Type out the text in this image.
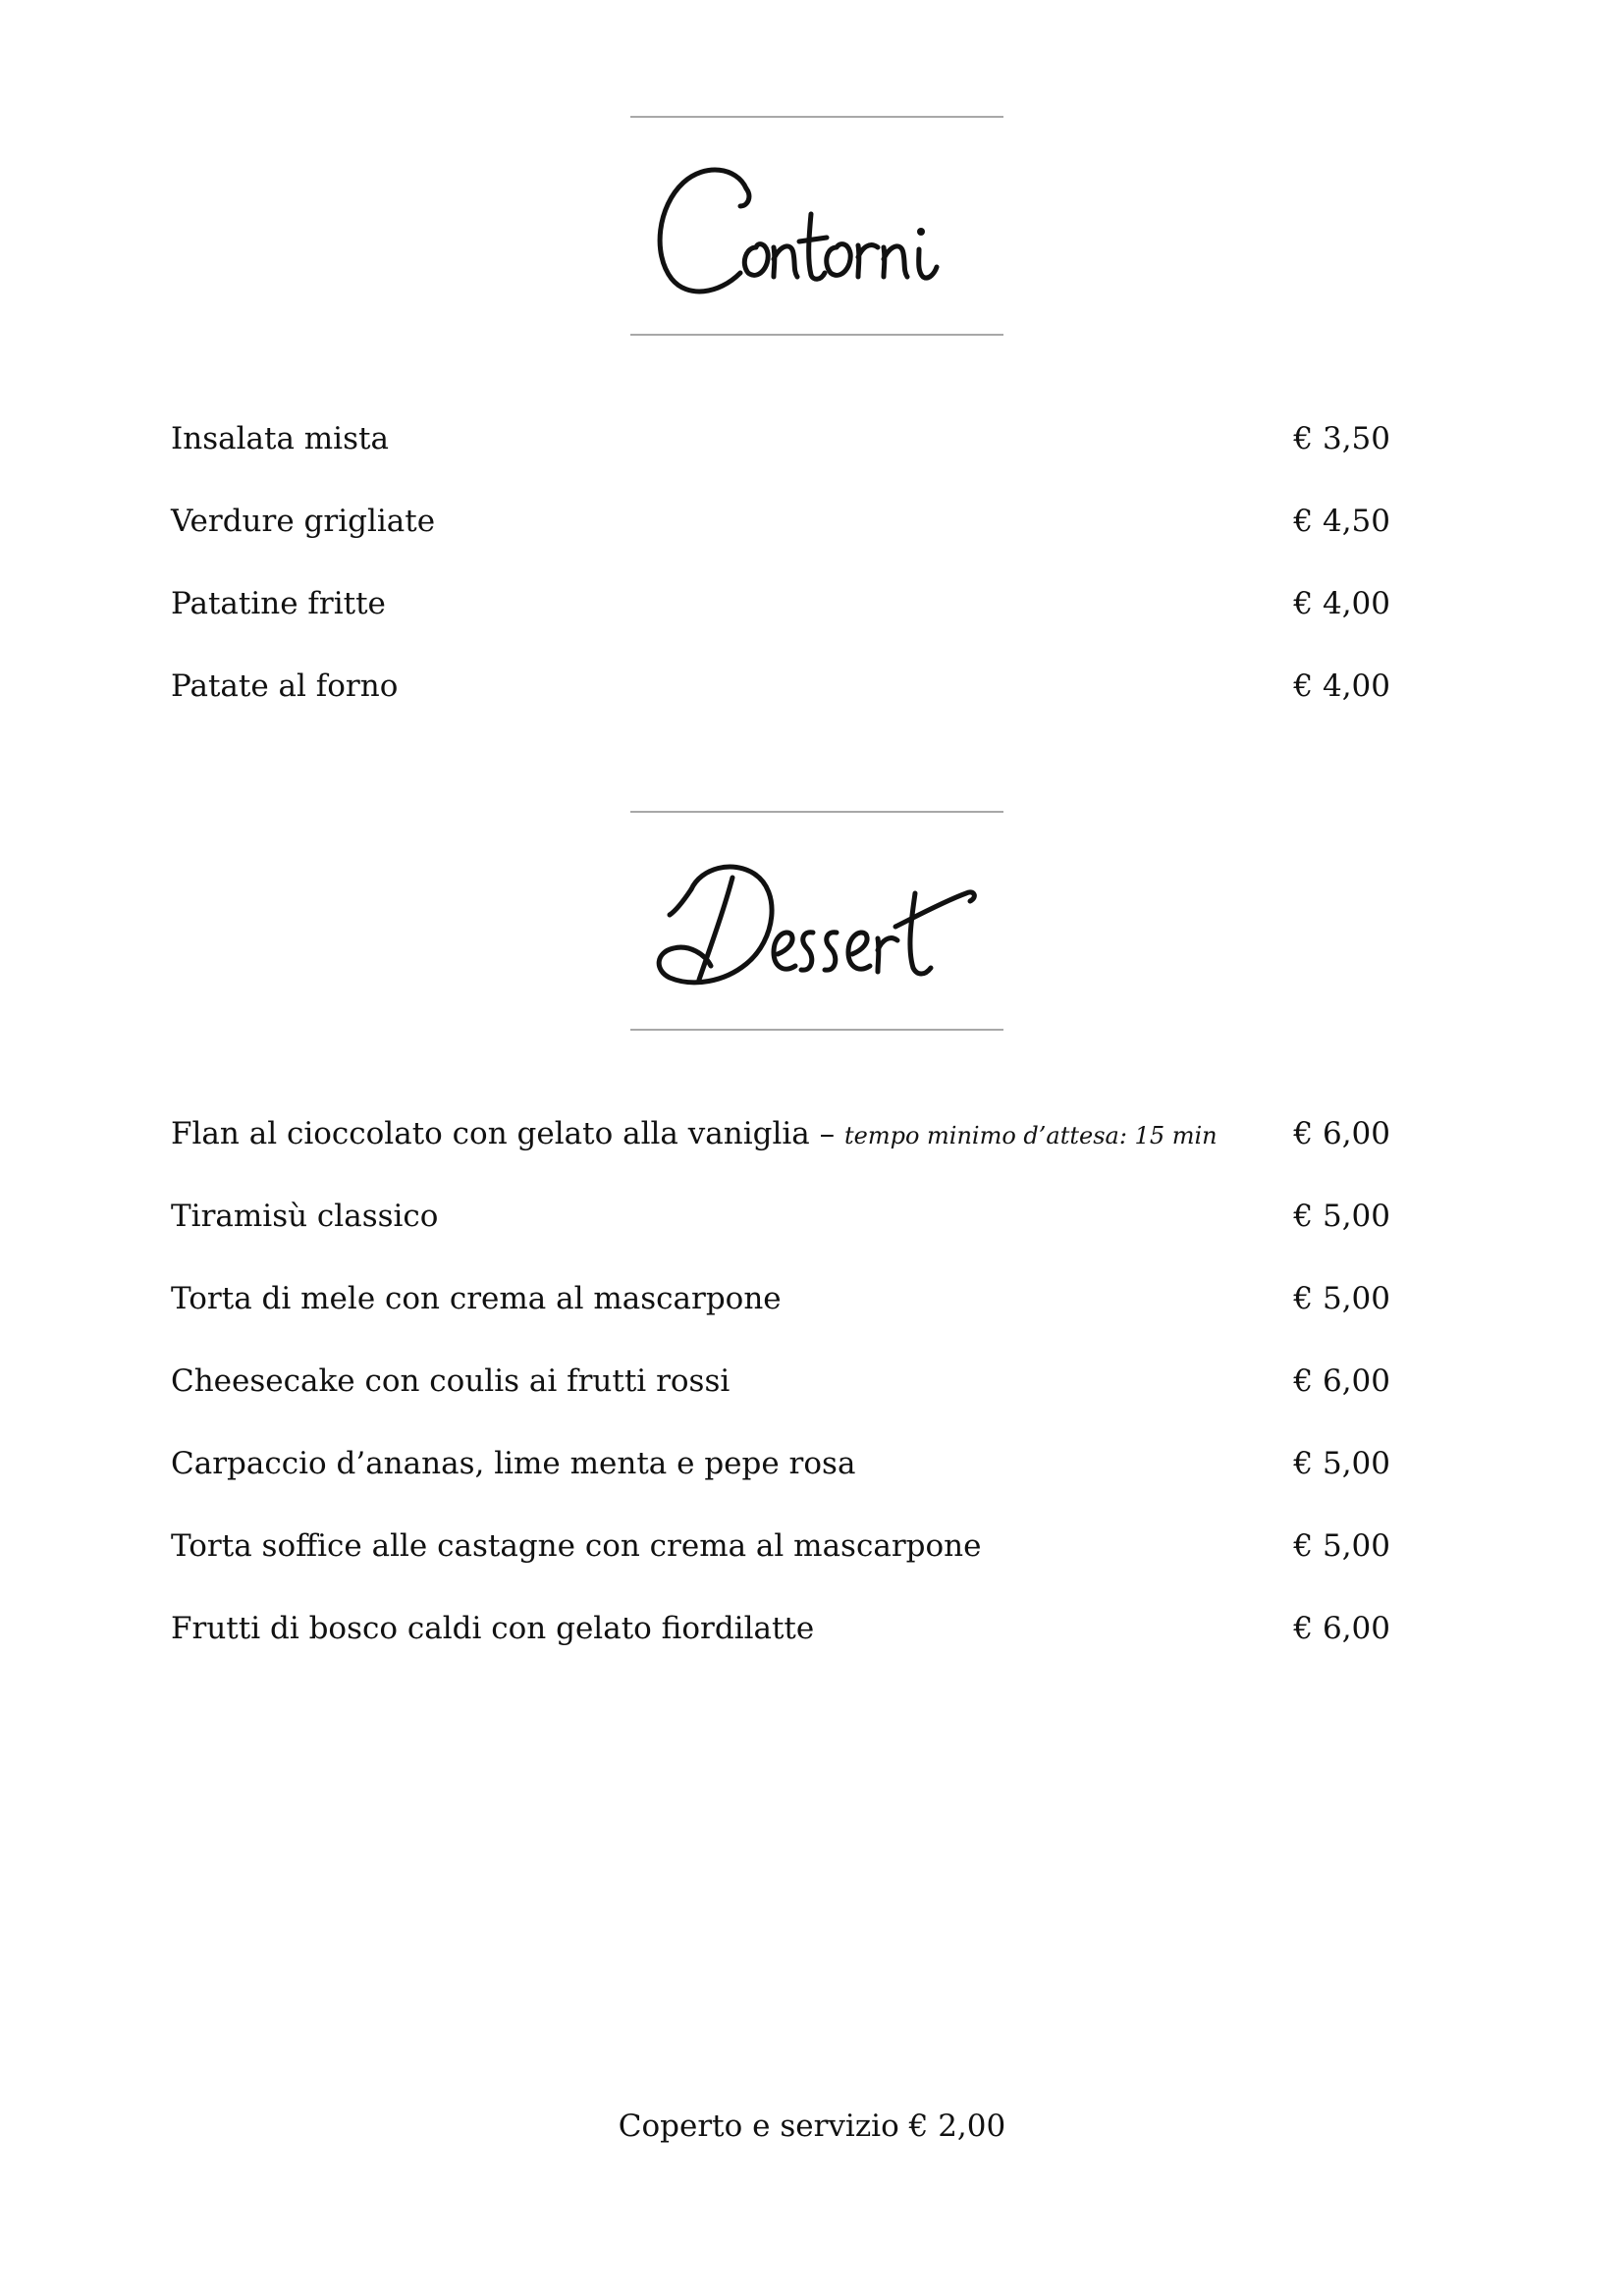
Insalata mista	€ 3,50
Verdure grigliate	€ 4,50
Patatine fritte	€ 4,00
Patate al forno	€ 4,00
Flan al cioccolato con gelato alla vaniglia – tempo minimo d’attesa: 15 min	€ 6,00
Tiramisù classico	€ 5,00
Torta di mele con crema al mascarpone	€ 5,00
Cheesecake con coulis ai frutti rossi	€ 6,00
Carpaccio d’ananas, lime menta e pepe rosa	€ 5,00
Torta soffice alle castagne con crema al mascarpone	€ 5,00
Frutti di bosco caldi con gelato fiordilatte	€ 6,00
Coperto e servizio € 2,00
